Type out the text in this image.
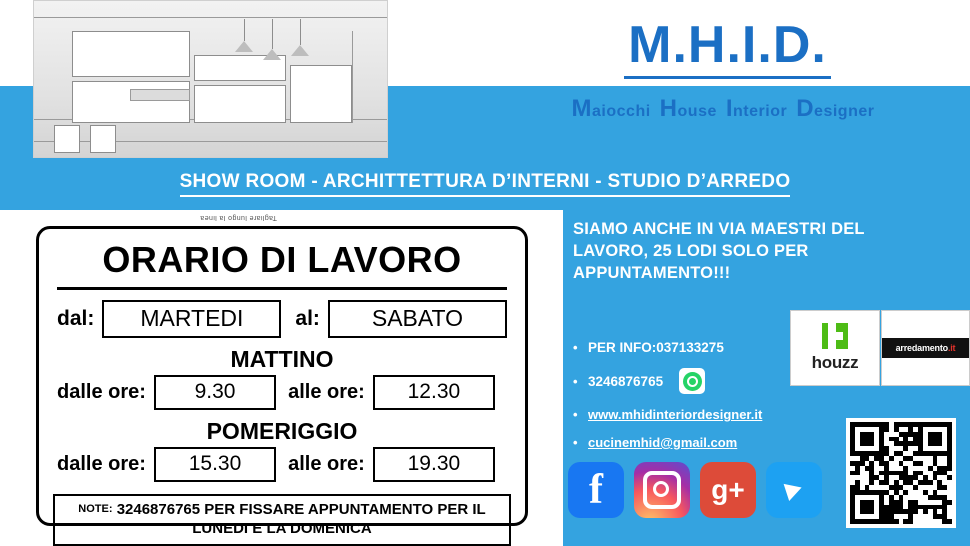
M.H.I.D.
Maiocchi House Interior Designer
SHOW ROOM - ARCHITTETTURA D’INTERNI - STUDIO D’ARREDO
Tagliare lungo la linea
ORARIO DI LAVORO
dal:	MARTEDI	al:	SABATO
MATTINO
dalle ore:	9.30	alle ore:	12.30
POMERIGGIO
dalle ore:	15.30	alle ore:	19.30
NOTE: 3246876765 PER FISSARE APPUNTAMENTO PER IL LUNEDI E LA DOMENICA
SIAMO ANCHE IN VIA MAESTRI DEL LAVORO, 25 LODI SOLO PER APPUNTAMENTO!!!
• PER INFO:037133275
• 3246876765
• www.mhidinteriordesigner.it
• cucinemhid@gmail.com
f	g+
houzz
arredamento.it
